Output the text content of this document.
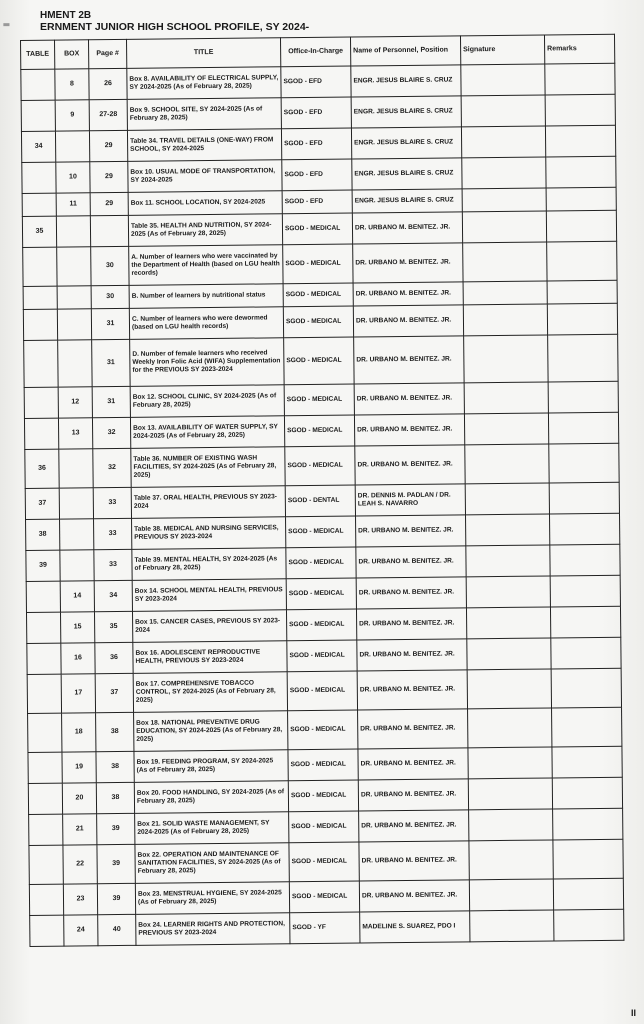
▮
HMENT 2B
ERNMENT JUNIOR HIGH SCHOOL PROFILE, SY 2024-
TABLE	BOX	Page #	TITLE	Office-In-Charge	Name of Personnel, Position	Signature	Remarks
	8	26	Box 8. AVAILABILITY OF ELECTRICAL SUPPLY, SY 2024-2025 (As of February 28, 2025)	SGOD - EFD	ENGR. JESUS BLAIRE S. CRUZ		
	9	27-28	Box 9. SCHOOL SITE, SY 2024-2025 (As of February 28, 2025)	SGOD - EFD	ENGR. JESUS BLAIRE S. CRUZ		
34		29	Table 34. TRAVEL DETAILS (ONE-WAY) FROM SCHOOL, SY 2024-2025	SGOD - EFD	ENGR. JESUS BLAIRE S. CRUZ		
	10	29	Box 10. USUAL MODE OF TRANSPORTATION, SY 2024-2025	SGOD - EFD	ENGR. JESUS BLAIRE S. CRUZ		
	11	29	Box 11. SCHOOL LOCATION, SY 2024-2025	SGOD - EFD	ENGR. JESUS BLAIRE S. CRUZ		
35			Table 35. HEALTH AND NUTRITION, SY 2024-2025 (As of February 28, 2025)	SGOD - MEDICAL	DR. URBANO M. BENITEZ. JR.		
		30	A. Number of learners who were vaccinated by the Department of Health (based on LGU health records)	SGOD - MEDICAL	DR. URBANO M. BENITEZ. JR.		
		30	B. Number of learners by nutritional status	SGOD - MEDICAL	DR. URBANO M. BENITEZ. JR.		
		31	C. Number of learners who were dewormed (based on LGU health records)	SGOD - MEDICAL	DR. URBANO M. BENITEZ. JR.		
		31	D. Number of female learners who received Weekly Iron Folic Acid (WIFA) Supplementation for the PREVIOUS SY 2023-2024	SGOD - MEDICAL	DR. URBANO M. BENITEZ. JR.		
	12	31	Box 12. SCHOOL CLINIC, SY 2024-2025 (As of February 28, 2025)	SGOD - MEDICAL	DR. URBANO M. BENITEZ. JR.		
	13	32	Box 13. AVAILABILITY OF WATER SUPPLY, SY 2024-2025 (As of February 28, 2025)	SGOD - MEDICAL	DR. URBANO M. BENITEZ. JR.		
36		32	Table 36. NUMBER OF EXISTING WASH FACILITIES, SY 2024-2025 (As of February 28, 2025)	SGOD - MEDICAL	DR. URBANO M. BENITEZ. JR.		
37		33	Table 37. ORAL HEALTH, PREVIOUS SY 2023-2024	SGOD - DENTAL	DR. DENNIS M. PADLAN / DR. LEAH S. NAVARRO		
38		33	Table 38. MEDICAL AND NURSING SERVICES, PREVIOUS SY 2023-2024	SGOD - MEDICAL	DR. URBANO M. BENITEZ. JR.		
39		33	Table 39. MENTAL HEALTH, SY 2024-2025 (As of February 28, 2025)	SGOD - MEDICAL	DR. URBANO M. BENITEZ. JR.		
	14	34	Box 14. SCHOOL MENTAL HEALTH, PREVIOUS SY 2023-2024	SGOD - MEDICAL	DR. URBANO M. BENITEZ. JR.		
	15	35	Box 15. CANCER CASES, PREVIOUS SY 2023-2024	SGOD - MEDICAL	DR. URBANO M. BENITEZ. JR.		
	16	36	Box 16. ADOLESCENT REPRODUCTIVE HEALTH, PREVIOUS SY 2023-2024	SGOD - MEDICAL	DR. URBANO M. BENITEZ. JR.		
	17	37	Box 17. COMPREHENSIVE TOBACCO CONTROL, SY 2024-2025 (As of February 28, 2025)	SGOD - MEDICAL	DR. URBANO M. BENITEZ. JR.		
	18	38	Box 18. NATIONAL PREVENTIVE DRUG EDUCATION, SY 2024-2025 (As of February 28, 2025)	SGOD - MEDICAL	DR. URBANO M. BENITEZ. JR.		
	19	38	Box 19. FEEDING PROGRAM, SY 2024-2025 (As of February 28, 2025)	SGOD - MEDICAL	DR. URBANO M. BENITEZ. JR.		
	20	38	Box 20. FOOD HANDLING, SY 2024-2025 (As of February 28, 2025)	SGOD - MEDICAL	DR. URBANO M. BENITEZ. JR.		
	21	39	Box 21. SOLID WASTE MANAGEMENT, SY 2024-2025 (As of February 28, 2025)	SGOD - MEDICAL	DR. URBANO M. BENITEZ. JR.		
	22	39	Box 22. OPERATION AND MAINTENANCE OF SANITATION FACILITIES, SY 2024-2025 (As of February 28, 2025)	SGOD - MEDICAL	DR. URBANO M. BENITEZ. JR.		
	23	39	Box 23. MENSTRUAL HYGIENE, SY 2024-2025 (As of February 28, 2025)	SGOD - MEDICAL	DR. URBANO M. BENITEZ. JR.		
	24	40	Box 24. LEARNER RIGHTS AND PROTECTION, PREVIOUS SY 2023-2024	SGOD - YF	MADELINE S. SUAREZ, PDO I		
II
